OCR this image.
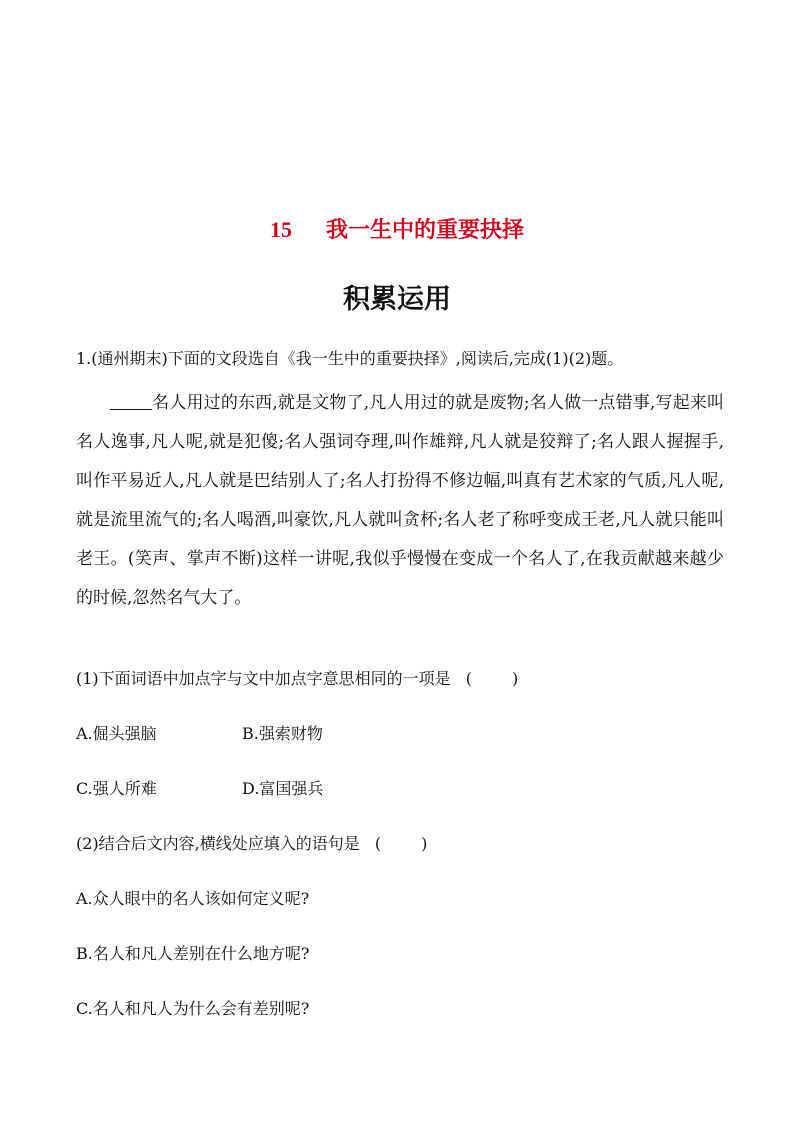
15 我一生中的重要抉择
积累运用
1.(通州期末)下面的文段选自《我一生中的重要抉择》,阅读后,完成(1)(2)题。
名人用过的东西,就是文物了,凡人用过的就是废物;名人做一点错事,写起来叫名人逸事,凡人呢,就是犯傻;名人强词夺理,叫作雄辩,凡人就是狡辩了;名人跟人握握手,叫作平易近人,凡人就是巴结别人了;名人打扮得不修边幅,叫真有艺术家的气质,凡人呢,就是流里流气的;名人喝酒,叫豪饮,凡人就叫贪杯;名人老了称呼变成王老,凡人就只能叫老王。(笑声、掌声不断)这样一讲呢,我似乎慢慢在变成一个名人了,在我贡献越来越少的时候,忽然名气大了。
(1)下面词语中加点字与文中加点字意思相同的一项是 (	)
A.倔头强脑	B.强索财物
C.强人所难	D.富国强兵
(2)结合后文内容,横线处应填入的语句是 (	)
A.众人眼中的名人该如何定义呢?
B.名人和凡人差别在什么地方呢?
C.名人和凡人为什么会有差别呢?
